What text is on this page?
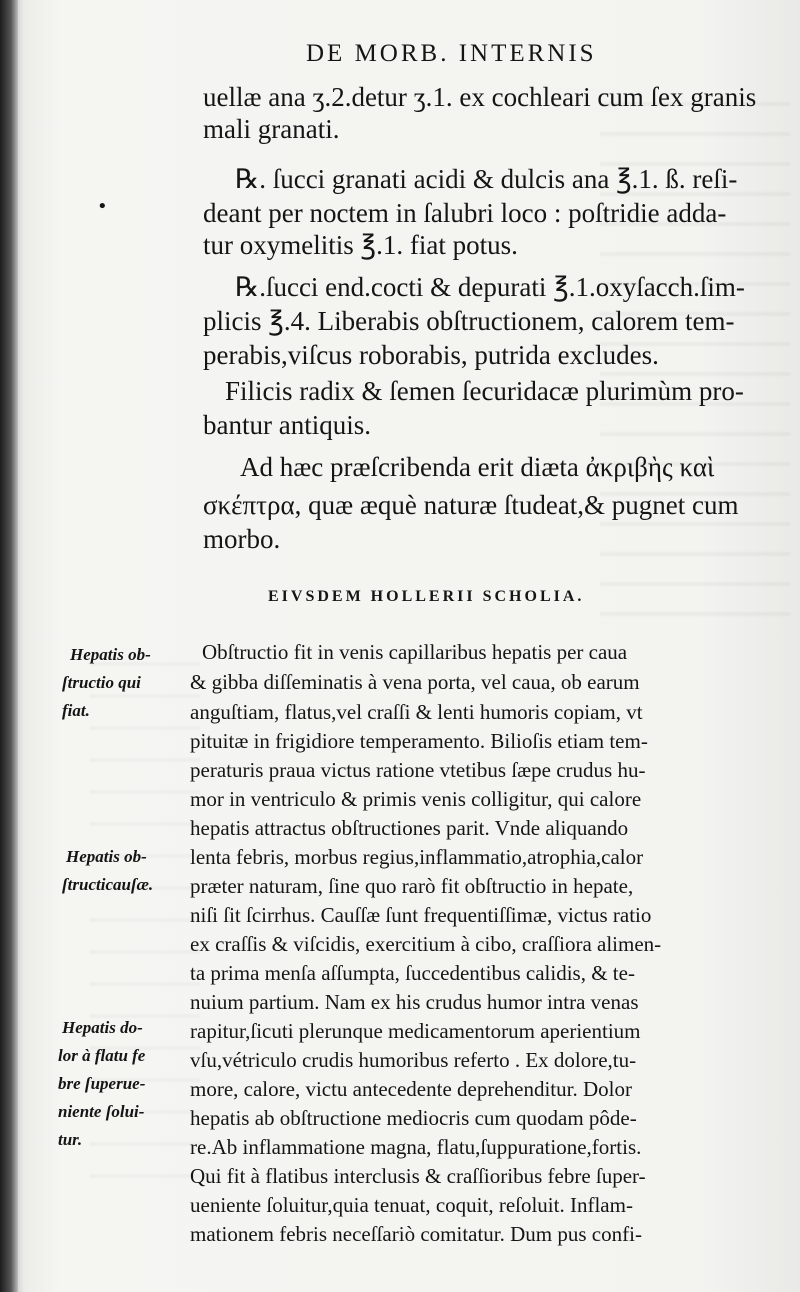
DE MORB. INTERNIS
•
uellæ ana ʒ.2.detur ʒ.1. ex cochleari cum ſex granis
mali granati.
℞. ſucci granati acidi & dulcis ana ℥.1. ß. reſi-
deant per noctem in ſalubri loco : poſtridie adda-
tur oxymelitis ℥.1. fiat potus.
℞.ſucci end.cocti & depurati ℥.1.oxyſacch.ſim-
plicis ℥.4. Liberabis obſtructionem, calorem tem-
perabis,viſcus roborabis, putrida excludes.
Filicis radix & ſemen ſecuridacæ plurimùm pro-
bantur antiquis.
Ad hæc præſcribenda erit diæta ἀκριβὴς καὶ
σκέπτρα, quæ æquè naturæ ſtudeat,& pugnet cum
morbo.
EIVSDEM HOLLERII SCHOLIA.
Obſtructio fit in venis capillaribus hepatis per caua
& gibba diſſeminatis à vena porta, vel caua, ob earum
anguſtiam, flatus,vel craſſi & lenti humoris copiam, vt
pituitæ in frigidiore temperamento. Bilioſis etiam tem-
peraturis praua victus ratione vtetibus ſæpe crudus hu-
mor in ventriculo & primis venis colligitur, qui calore
hepatis attractus obſtructiones parit. Vnde aliquando
lenta febris, morbus regius,inflammatio,atrophia,calor
præter naturam, ſine quo rarò fit obſtructio in hepate,
niſi ſit ſcirrhus. Cauſſæ ſunt frequentiſſimæ, victus ratio
ex craſſis & viſcidis, exercitium à cibo, craſſiora alimen-
ta prima menſa aſſumpta, ſuccedentibus calidis, & te-
nuium partium. Nam ex his crudus humor intra venas
rapitur,ſicuti plerunque medicamentorum aperientium
vſu,vétriculo crudis humoribus referto . Ex dolore,tu-
more, calore, victu antecedente deprehenditur. Dolor
hepatis ab obſtructione mediocris cum quodam pôde-
re.Ab inflammatione magna, flatu,ſuppuratione,fortis.
Qui fit à flatibus interclusis & craſſioribus febre ſuper-
ueniente ſoluitur,quia tenuat, coquit, reſoluit. Inflam-
mationem febris neceſſariò comitatur. Dum pus confi-
Hepatis ob-
ſtructio qui
fiat.
Hepatis ob-
ſtructicauſæ.
Hepatis do-
lor à flatu fe
bre ſuperue-
niente ſolui-
tur.
